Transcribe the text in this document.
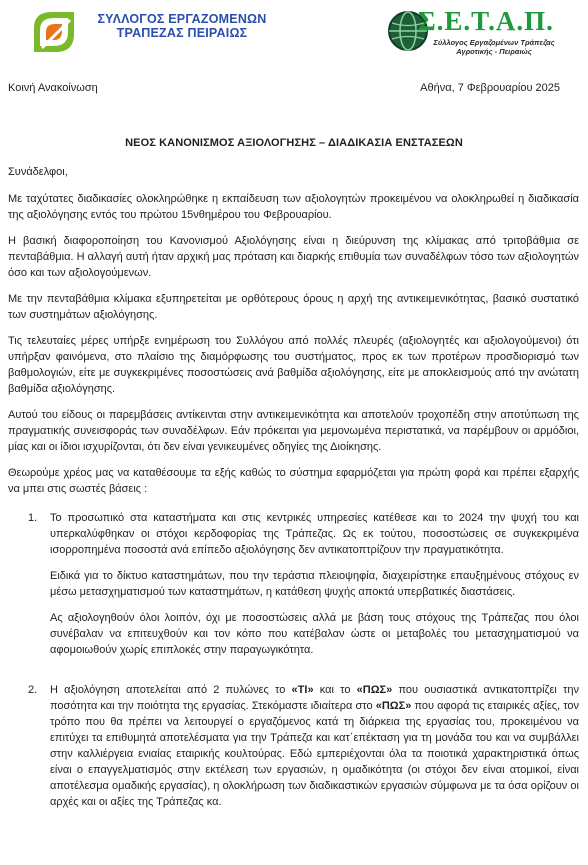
ΣΥΛΛΟΓΟΣ ΕΡΓΑΖΟΜΕΝΩΝ
ΤΡΑΠΕΖΑΣ ΠΕΙΡΑΙΩΣ	Σ.Ε.Τ.Α.Π.
Σύλλογος Εργαζομένων Τράπεζας
Αγροτικής - Πειραιώς
Κοινή Ανακοίνωση	Αθήνα, 7 Φεβρουαρίου 2025
ΝΕΟΣ ΚΑΝΟΝΙΣΜΟΣ ΑΞΙΟΛΟΓΗΣΗΣ – ΔΙΑΔΙΚΑΣΙΑ ΕΝΣΤΑΣΕΩΝ

Συνάδελφοι,

Με ταχύτατες διαδικασίες ολοκληρώθηκε η εκπαίδευση των αξιολογητών προκειμένου να ολοκληρωθεί η διαδικασία της αξιολόγησης εντός του πρώτου 15νθημέρου του Φεβρουαρίου.

Η βασική διαφοροποίηση του Κανονισμού Αξιολόγησης είναι η διεύρυνση της κλίμακας από τριτοβάθμια σε πενταβάθμια. Η αλλαγή αυτή ήταν αρχική μας πρόταση και διαρκής επιθυμία των συναδέλφων τόσο των αξιολογητών όσο και των αξιολογούμενων.

Με την πενταβάθμια κλίμακα εξυπηρετείται με ορθότερους όρους η αρχή της αντικειμενικότητας, βασικό συστατικό των συστημάτων αξιολόγησης.

Τις τελευταίες μέρες υπήρξε ενημέρωση του Συλλόγου από πολλές πλευρές (αξιολογητές και αξιολογούμενοι) ότι υπήρξαν φαινόμενα, στο πλαίσιο της διαμόρφωσης του συστήματος, προς εκ των προτέρων προσδιορισμό των βαθμολογιών, είτε με συγκεκριμένες ποσοστώσεις ανά βαθμίδα αξιολόγησης, είτε με αποκλεισμούς από την ανώτατη βαθμίδα αξιολόγησης.

Αυτού του είδους οι παρεμβάσεις αντίκεινται στην αντικειμενικότητα και αποτελούν τροχοπέδη στην αποτύπωση της πραγματικής συνεισφοράς των συναδέλφων. Εάν πρόκειται για μεμονωμένα περιστατικά, να παρέμβουν οι αρμόδιοι, μίας και οι ίδιοι ισχυρίζονται, ότι δεν είναι γενικευμένες οδηγίες της Διοίκησης.

Θεωρούμε χρέος μας να καταθέσουμε τα εξής καθώς το σύστημα εφαρμόζεται για πρώτη φορά και πρέπει εξαρχής να μπει στις σωστές βάσεις :

1. Το προσωπικό στα καταστήματα και στις κεντρικές υπηρεσίες κατέθεσε και το 2024 την ψυχή του και υπερκαλύφθηκαν οι στόχοι κερδοφορίας της Τράπεζας. Ως εκ τούτου, ποσοστώσεις σε συγκεκριμένα ισορροπημένα ποσοστά ανά επίπεδο αξιολόγησης δεν αντικατοπτρίζουν την πραγματικότητα.

Ειδικά για το δίκτυο καταστημάτων, που την τεράστια πλειοψηφία, διαχειρίστηκε επαυξημένους στόχους εν μέσω μετασχηματισμού των καταστημάτων, η κατάθεση ψυχής αποκτά υπερβατικές διαστάσεις.

Ας αξιολογηθούν όλοι λοιπόν, όχι με ποσοστώσεις αλλά με βάση τους στόχους της Τράπεζας που όλοι συνέβαλαν να επιτευχθούν και τον κόπο που κατέβαλαν ώστε οι μεταβολές του μετασχηματισμού να αφομοιωθούν χωρίς επιπλοκές στην παραγωγικότητα.

2. Η αξιολόγηση αποτελείται από 2 πυλώνες το «ΤΙ» και το «ΠΩΣ» που ουσιαστικά αντικατοπτρίζει την ποσότητα και την ποιότητα της εργασίας. Στεκόμαστε ιδιαίτερα στο «ΠΩΣ» που αφορά τις εταιρικές αξίες, τον τρόπο που θα πρέπει να λειτουργεί ο εργαζόμενος κατά τη διάρκεια της εργασίας του, προκειμένου να επιτύχει τα επιθυμητά αποτελέσματα για την Τράπεζα και κατ΄επέκταση για τη μονάδα του και να συμβάλλει στην καλλιέργεια ενιαίας εταιρικής κουλτούρας. Εδώ εμπεριέχονται όλα τα ποιοτικά χαρακτηριστικά όπως είναι ο επαγγελματισμός στην εκτέλεση των εργασιών, η ομαδικότητα (οι στόχοι δεν είναι ατομικοί, είναι αποτέλεσμα ομαδικής εργασίας), η ολοκλήρωση των διαδικαστικών εργασιών σύμφωνα με τα όσα ορίζουν οι αρχές και οι αξίες της Τράπεζας κα.
